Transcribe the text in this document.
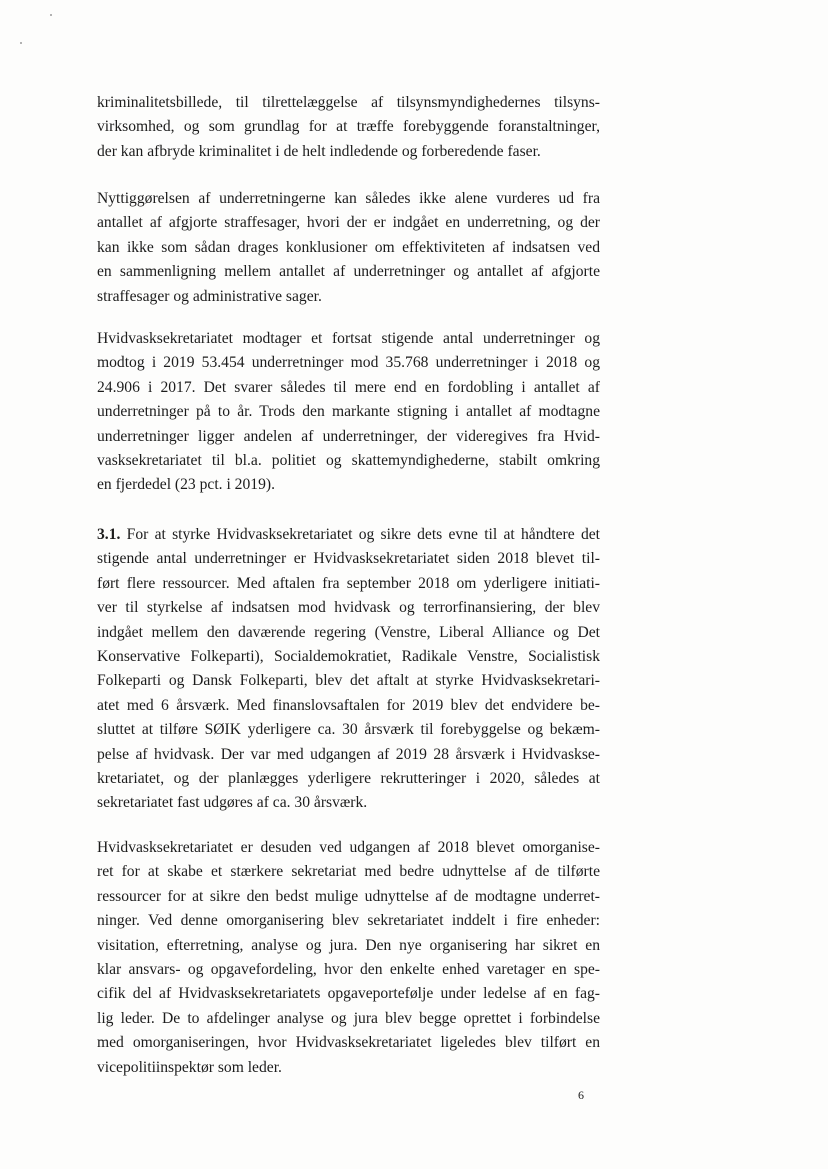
kriminalitetsbillede, til tilrettelæggelse af tilsynsmyndighedernes tilsyns-
virksomhed, og som grundlag for at træffe forebyggende foranstaltninger,
der kan afbryde kriminalitet i de helt indledende og forberedende faser.
Nyttiggørelsen af underretningerne kan således ikke alene vurderes ud fra
antallet af afgjorte straffesager, hvori der er indgået en underretning, og der
kan ikke som sådan drages konklusioner om effektiviteten af indsatsen ved
en sammenligning mellem antallet af underretninger og antallet af afgjorte
straffesager og administrative sager.
Hvidvasksekretariatet modtager et fortsat stigende antal underretninger og
modtog i 2019 53.454 underretninger mod 35.768 underretninger i 2018 og
24.906 i 2017. Det svarer således til mere end en fordobling i antallet af
underretninger på to år. Trods den markante stigning i antallet af modtagne
underretninger ligger andelen af underretninger, der videregives fra Hvid-
vasksekretariatet til bl.a. politiet og skattemyndighederne, stabilt omkring
en fjerdedel (23 pct. i 2019).
3.1. For at styrke Hvidvasksekretariatet og sikre dets evne til at håndtere det
stigende antal underretninger er Hvidvasksekretariatet siden 2018 blevet til-
ført flere ressourcer. Med aftalen fra september 2018 om yderligere initiati-
ver til styrkelse af indsatsen mod hvidvask og terrorfinansiering, der blev
indgået mellem den daværende regering (Venstre, Liberal Alliance og Det
Konservative Folkeparti), Socialdemokratiet, Radikale Venstre, Socialistisk
Folkeparti og Dansk Folkeparti, blev det aftalt at styrke Hvidvasksekretari-
atet med 6 årsværk. Med finanslovsaftalen for 2019 blev det endvidere be-
sluttet at tilføre SØIK yderligere ca. 30 årsværk til forebyggelse og bekæm-
pelse af hvidvask. Der var med udgangen af 2019 28 årsværk i Hvidvaskse-
kretariatet, og der planlægges yderligere rekrutteringer i 2020, således at
sekretariatet fast udgøres af ca. 30 årsværk.
Hvidvasksekretariatet er desuden ved udgangen af 2018 blevet omorganise-
ret for at skabe et stærkere sekretariat med bedre udnyttelse af de tilførte
ressourcer for at sikre den bedst mulige udnyttelse af de modtagne underret-
ninger. Ved denne omorganisering blev sekretariatet inddelt i fire enheder:
visitation, efterretning, analyse og jura. Den nye organisering har sikret en
klar ansvars- og opgavefordeling, hvor den enkelte enhed varetager en spe-
cifik del af Hvidvasksekretariatets opgaveportefølje under ledelse af en fag-
lig leder. De to afdelinger analyse og jura blev begge oprettet i forbindelse
med omorganiseringen, hvor Hvidvasksekretariatet ligeledes blev tilført en
vicepolitiinspektør som leder.
6
